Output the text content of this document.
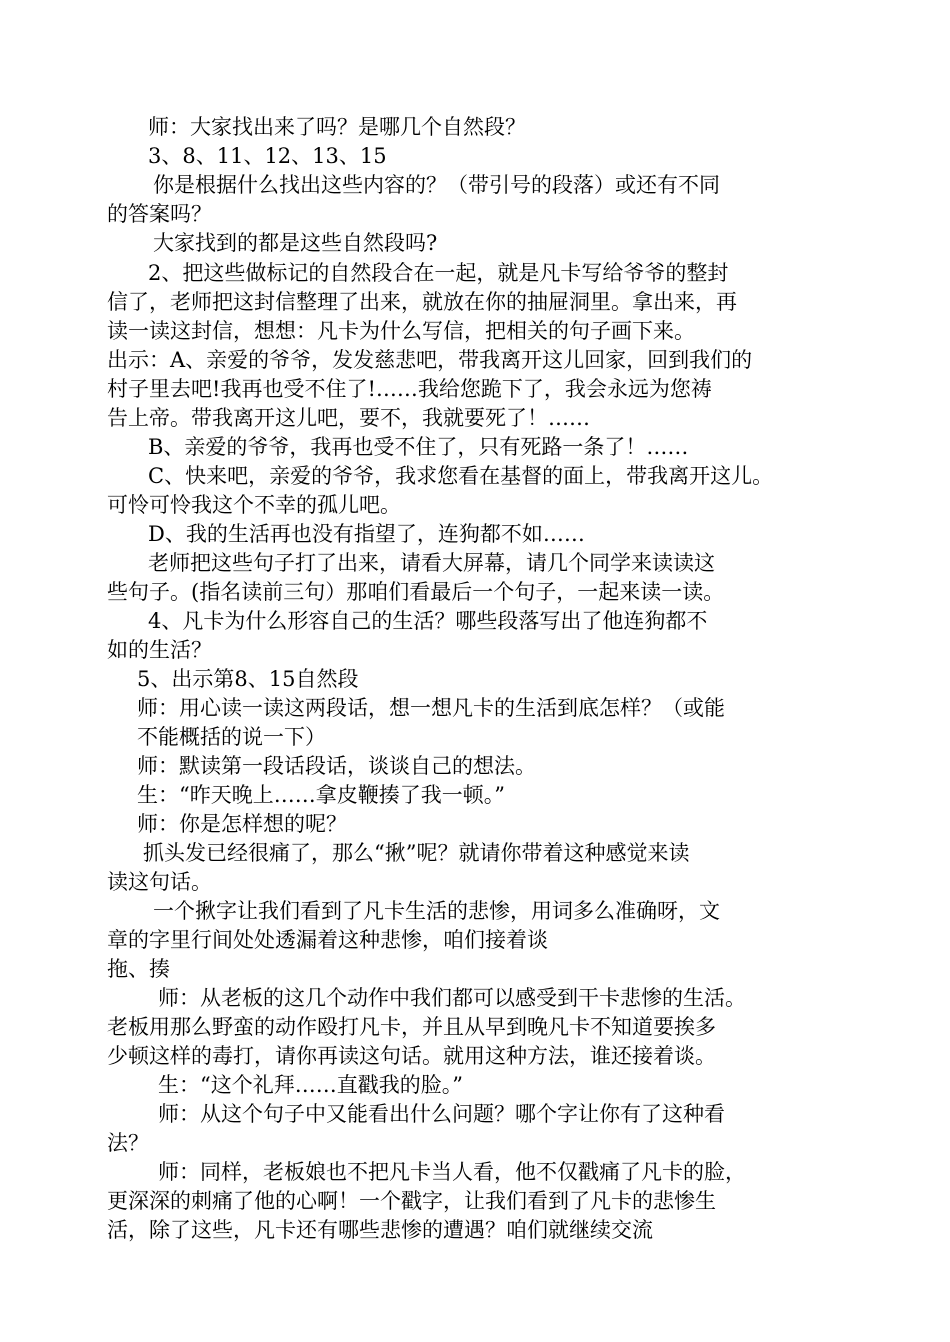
师：大家找出来了吗？是哪几个自然段？
3、8、11、12、13、15
你是根据什么找出这些内容的？（带引号的段落）或还有不同
的答案吗？
大家找到的都是这些自然段吗?
2、把这些做标记的自然段合在一起，就是凡卡写给爷爷的整封
信了，老师把这封信整理了出来，就放在你的抽屉洞里。拿出来，再
读一读这封信，想想：凡卡为什么写信，把相关的句子画下来。
出示：A、亲爱的爷爷，发发慈悲吧，带我离开这儿回家，回到我们的
村子里去吧!我再也受不住了!……我给您跪下了，我会永远为您祷
告上帝。带我离开这儿吧，要不，我就要死了！……
B、亲爱的爷爷，我再也受不住了，只有死路一条了！……
C、快来吧，亲爱的爷爷，我求您看在基督的面上，带我离开这儿。
可怜可怜我这个不幸的孤儿吧。
D、我的生活再也没有指望了，连狗都不如……
老师把这些句子打了出来，请看大屏幕，请几个同学来读读这
些句子。(指名读前三句）那咱们看最后一个句子，一起来读一读。
4、凡卡为什么形容自己的生活？哪些段落写出了他连狗都不
如的生活？
5、出示第8、15自然段
师：用心读一读这两段话，想一想凡卡的生活到底怎样？（或能
不能概括的说一下）
师：默读第一段话段话，谈谈自己的想法。
生：“昨天晚上……拿皮鞭揍了我一顿。”
师：你是怎样想的呢？
抓头发已经很痛了，那么“揪”呢？就请你带着这种感觉来读
读这句话。
一个揪字让我们看到了凡卡生活的悲惨，用词多么准确呀，文
章的字里行间处处透漏着这种悲惨，咱们接着谈
拖、揍
师：从老板的这几个动作中我们都可以感受到干卡悲惨的生活。
老板用那么野蛮的动作殴打凡卡，并且从早到晚凡卡不知道要挨多
少顿这样的毒打，请你再读这句话。就用这种方法，谁还接着谈。
生：“这个礼拜……直戳我的脸。”
师：从这个句子中又能看出什么问题？哪个字让你有了这种看
法？
师：同样，老板娘也不把凡卡当人看，他不仅戳痛了凡卡的脸，
更深深的刺痛了他的心啊！一个戳字，让我们看到了凡卡的悲惨生
活，除了这些，凡卡还有哪些悲惨的遭遇？咱们就继续交流
